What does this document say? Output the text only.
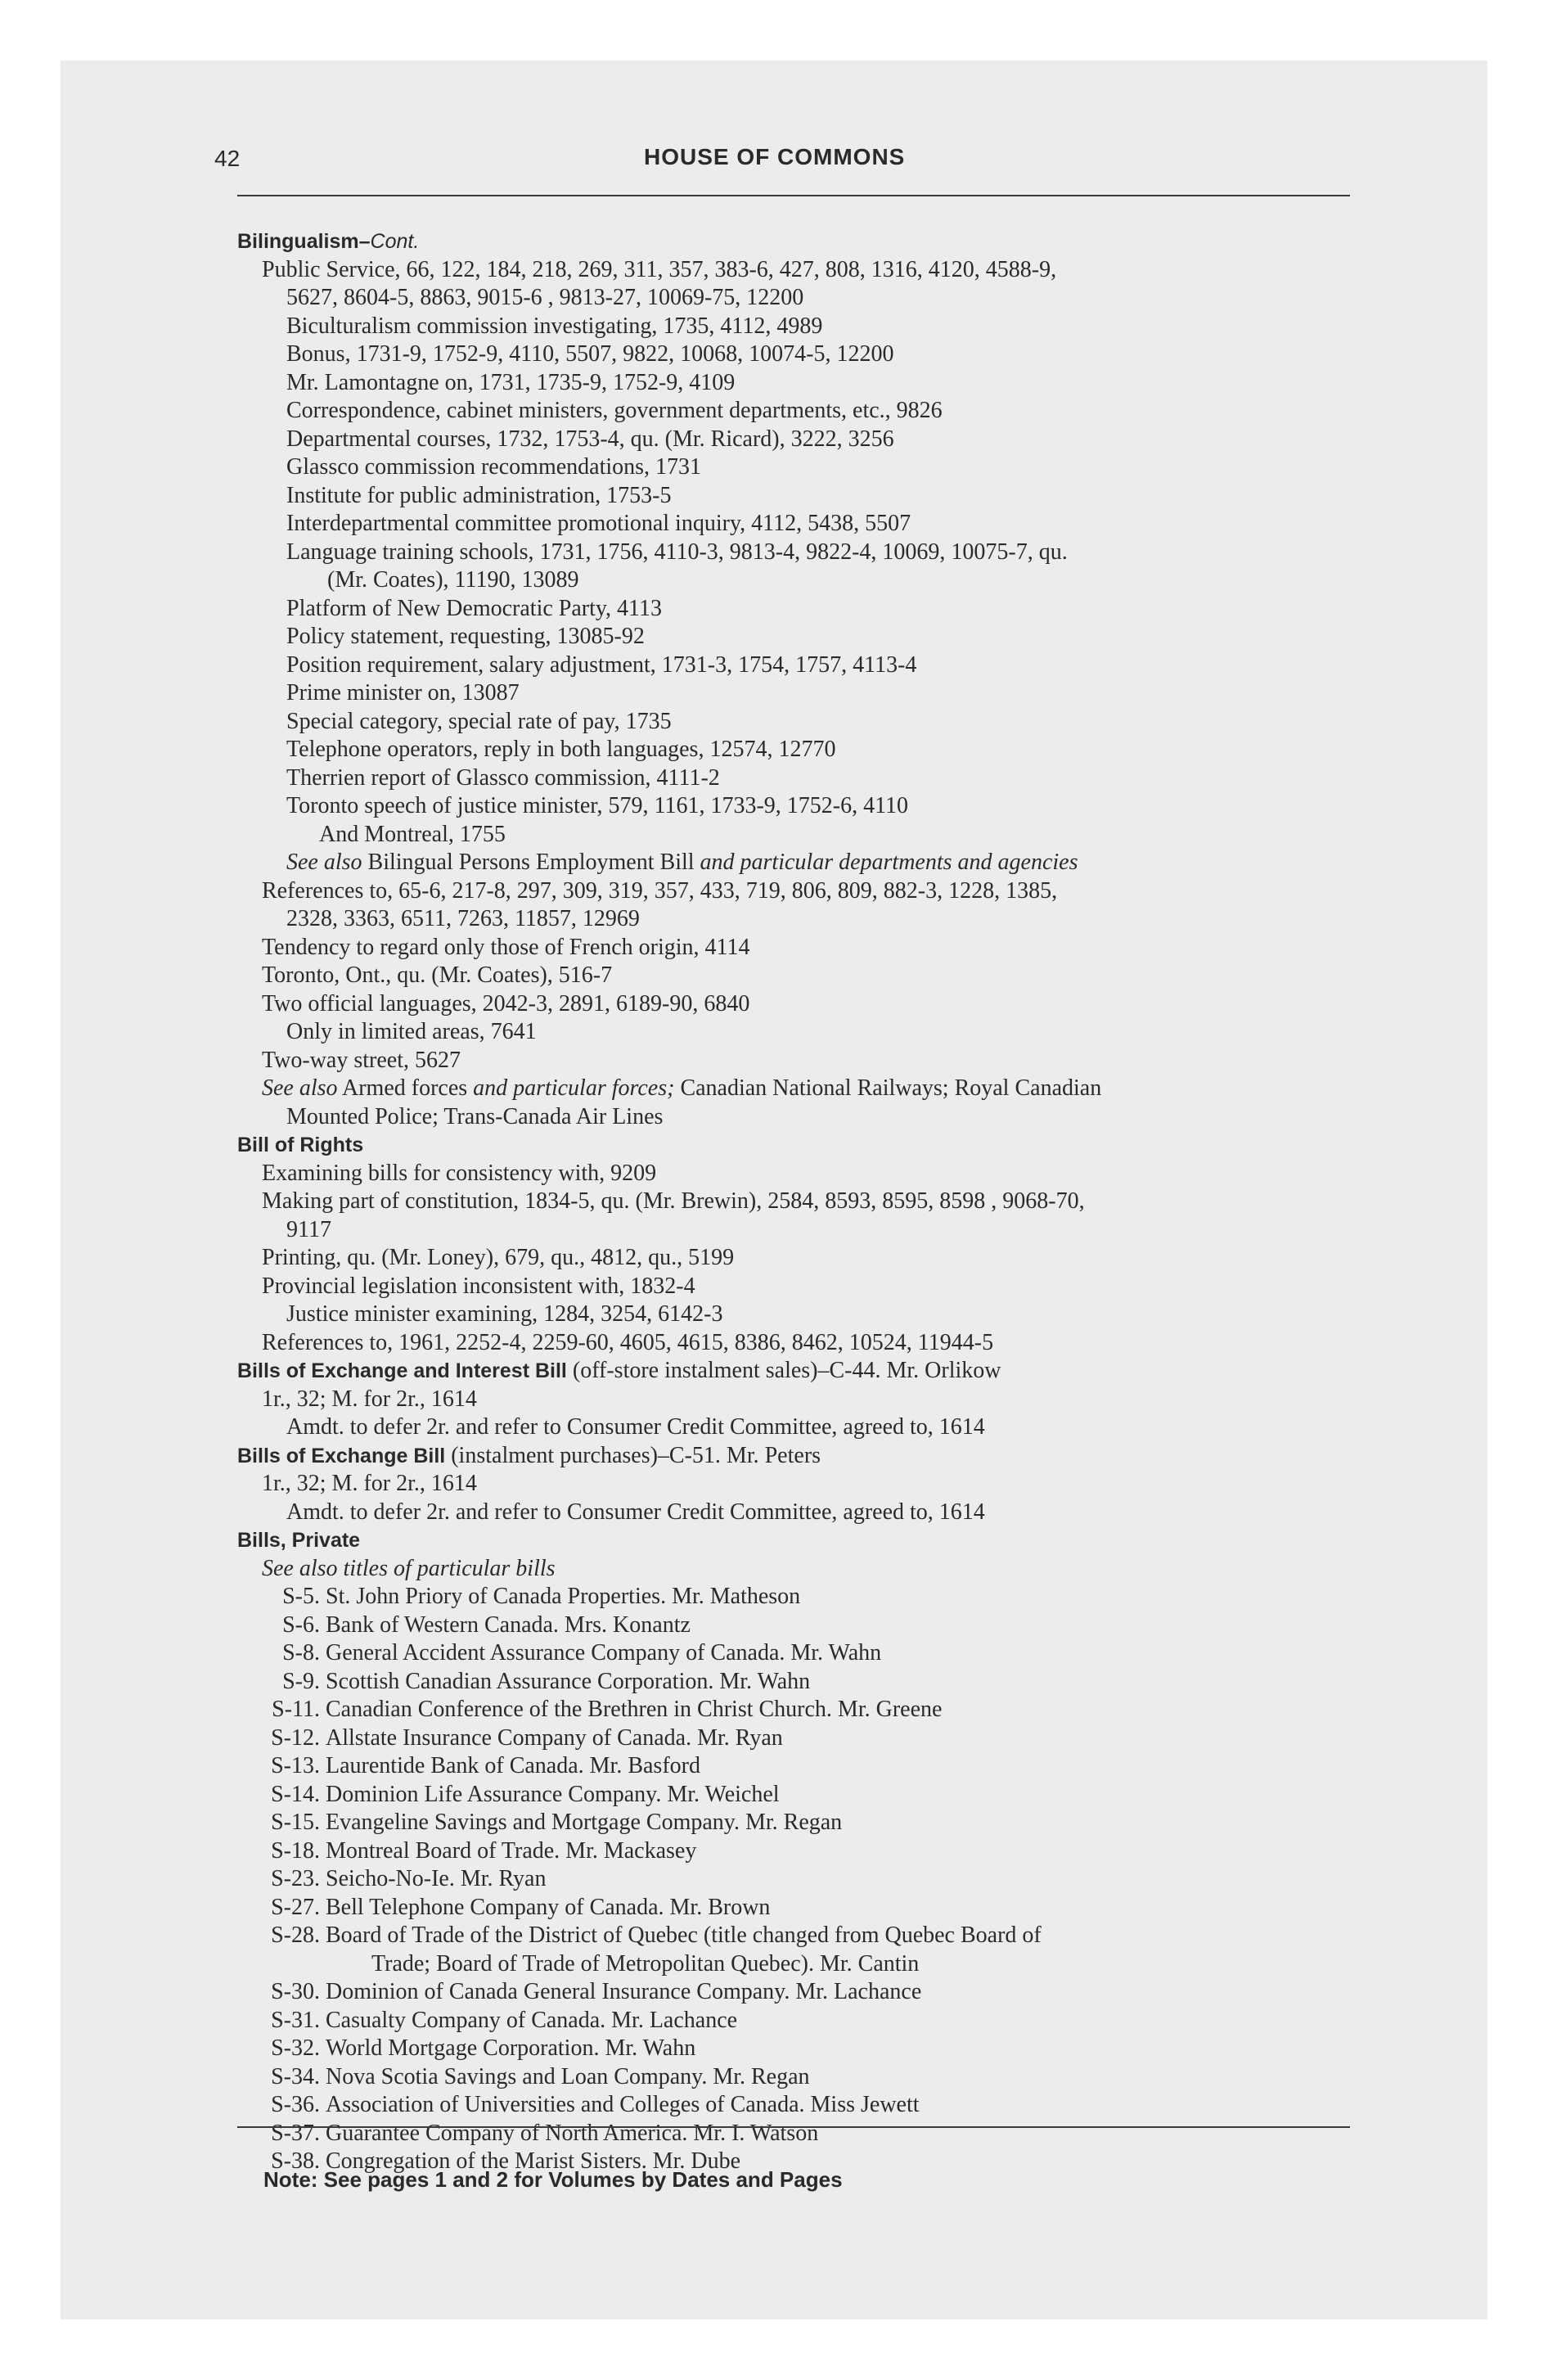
42	HOUSE OF COMMONS
Bilingualism–Cont.
Public Service, 66, 122, 184, 218, 269, 311, 357, 383-6, 427, 808, 1316, 4120, 4588-9,
5627, 8604-5, 8863, 9015-6 , 9813-27, 10069-75, 12200
Biculturalism commission investigating, 1735, 4112, 4989
Bonus, 1731-9, 1752-9, 4110, 5507, 9822, 10068, 10074-5, 12200
Mr. Lamontagne on, 1731, 1735-9, 1752-9, 4109
Correspondence, cabinet ministers, government departments, etc., 9826
Departmental courses, 1732, 1753-4, qu. (Mr. Ricard), 3222, 3256
Glassco commission recommendations, 1731
Institute for public administration, 1753-5
Interdepartmental committee promotional inquiry, 4112, 5438, 5507
Language training schools, 1731, 1756, 4110-3, 9813-4, 9822-4, 10069, 10075-7, qu.
(Mr. Coates), 11190, 13089
Platform of New Democratic Party, 4113
Policy statement, requesting, 13085-92
Position requirement, salary adjustment, 1731-3, 1754, 1757, 4113-4
Prime minister on, 13087
Special category, special rate of pay, 1735
Telephone operators, reply in both languages, 12574, 12770
Therrien report of Glassco commission, 4111-2
Toronto speech of justice minister, 579, 1161, 1733-9, 1752-6, 4110
And Montreal, 1755
See also Bilingual Persons Employment Bill and particular departments and agencies
References to, 65-6, 217-8, 297, 309, 319, 357, 433, 719, 806, 809, 882-3, 1228, 1385,
2328, 3363, 6511, 7263, 11857, 12969
Tendency to regard only those of French origin, 4114
Toronto, Ont., qu. (Mr. Coates), 516-7
Two official languages, 2042-3, 2891, 6189-90, 6840
Only in limited areas, 7641
Two-way street, 5627
See also Armed forces and particular forces; Canadian National Railways; Royal Canadian
Mounted Police; Trans-Canada Air Lines
Bill of Rights
Examining bills for consistency with, 9209
Making part of constitution, 1834-5, qu. (Mr. Brewin), 2584, 8593, 8595, 8598 , 9068-70,
9117
Printing, qu. (Mr. Loney), 679, qu., 4812, qu., 5199
Provincial legislation inconsistent with, 1832-4
Justice minister examining, 1284, 3254, 6142-3
References to, 1961, 2252-4, 2259-60, 4605, 4615, 8386, 8462, 10524, 11944-5
Bills of Exchange and Interest Bill (off-store instalment sales)–C-44. Mr. Orlikow
1r., 32; M. for 2r., 1614
Amdt. to defer 2r. and refer to Consumer Credit Committee, agreed to, 1614
Bills of Exchange Bill (instalment purchases)–C-51. Mr. Peters
1r., 32; M. for 2r., 1614
Amdt. to defer 2r. and refer to Consumer Credit Committee, agreed to, 1614
Bills, Private
See also titles of particular bills
S-5. St. John Priory of Canada Properties. Mr. Matheson
S-6. Bank of Western Canada. Mrs. Konantz
S-8. General Accident Assurance Company of Canada. Mr. Wahn
S-9. Scottish Canadian Assurance Corporation. Mr. Wahn
S-11. Canadian Conference of the Brethren in Christ Church. Mr. Greene
S-12. Allstate Insurance Company of Canada. Mr. Ryan
S-13. Laurentide Bank of Canada. Mr. Basford
S-14. Dominion Life Assurance Company. Mr. Weichel
S-15. Evangeline Savings and Mortgage Company. Mr. Regan
S-18. Montreal Board of Trade. Mr. Mackasey
S-23. Seicho-No-Ie. Mr. Ryan
S-27. Bell Telephone Company of Canada. Mr. Brown
S-28. Board of Trade of the District of Quebec (title changed from Quebec Board of
Trade; Board of Trade of Metropolitan Quebec). Mr. Cantin
S-30. Dominion of Canada General Insurance Company. Mr. Lachance
S-31. Casualty Company of Canada. Mr. Lachance
S-32. World Mortgage Corporation. Mr. Wahn
S-34. Nova Scotia Savings and Loan Company. Mr. Regan
S-36. Association of Universities and Colleges of Canada. Miss Jewett
S-37. Guarantee Company of North America. Mr. I. Watson
S-38. Congregation of the Marist Sisters. Mr. Dube
Note: See pages 1 and 2 for Volumes by Dates and Pages
